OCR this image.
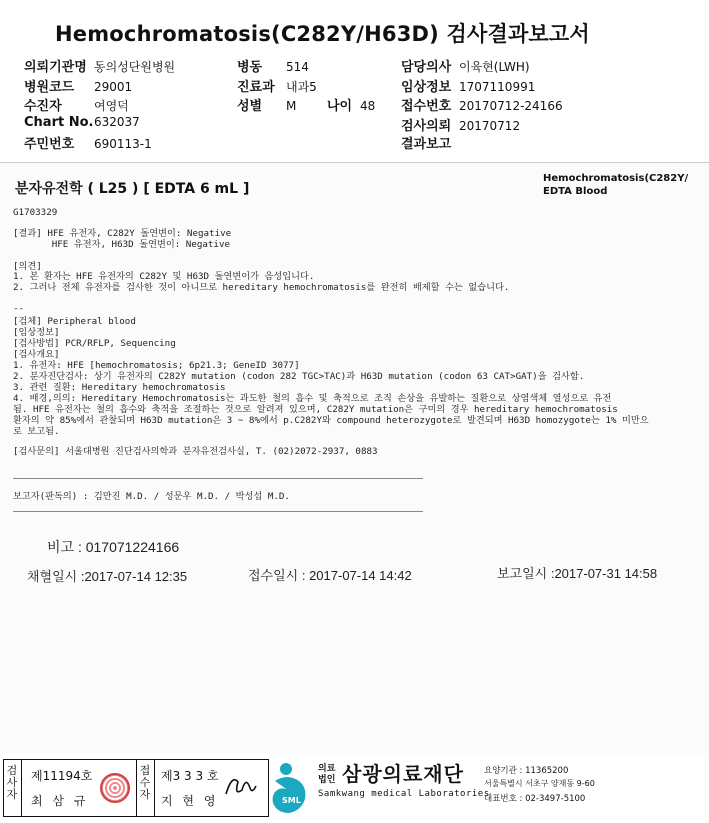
Hemochromatosis(C282Y/H63D) 검사결과보고서
의뢰기관명 동의성단원병원
병원코드 29001
수진자	여영덕
Chart No.632037
주민번호 690113-1
병동 514
진료과 내과5
성별 M 나이 48
담당의사 이육현(LWH)
임상정보 1707110991
접수번호 20170712-24166
검사의뢰 20170712
결과보고
분자유전학 ( L25 ) [ EDTA 6 mL ]
Hemochromatosis(C282Y/
EDTA Blood
G1703329
[결과] HFE 유전자, C282Y 돌연변이: Negative
HFE 유전자, H63D 돌연변이: Negative
[의견]
1. 본 환자는 HFE 유전자의 C282Y 및 H63D 돌연변이가 음성입니다.
2. 그러나 전체 유전자를 검사한 것이 아니므로 hereditary hemochromatosis를 완전히 배제할 수는 없습니다.
--
[검체] Peripheral blood
[임상정보]
[검사방법] PCR/RFLP, Sequencing
[검사개요]
1. 유전자: HFE [hemochromatosis; 6p21.3; GeneID 3077]
2. 분자진단검사: 상기 유전자의 C282Y mutation (codon 282 TGC>TAC)과 H63D mutation (codon 63 CAT>GAT)을 검사함.
3. 관련 질환: Hereditary hemochromatosis
4. 배경,의의: Hereditary Hemochromatosis는 과도한 철의 흡수 및 축적으로 조직 손상을 유발하는 질환으로 상염색체 열성으로 유전
됨. HFE 유전자는 철의 흡수와 축적을 조절하는 것으로 알려져 있으며, C282Y mutation은 구미의 경우 hereditary hemochromatosis
환자의 약 85%에서 관찰되며 H63D mutation은 3 ~ 8%에서 p.C282Y와 compound heterozygote로 발견되며 H63D homozygote는 1% 미만으
로 보고됨.
[검사문의] 서울대병원 진단검사의학과 분자유전검사실, T. (02)2072-2937, 0883
보고자(판독의) : 김만진 M.D. / 성문우 M.D. / 박성섭 M.D.
비고 : 017071224166
채혈일시 :2017-07-14 12:35	접수일시 : 2017-07-14 14:42	보고일시 :2017-07-31 14:58
검사자
제11194호
최 삼 규
접수자
제3 3 3 호
지 현 영	SML
의료
법인 삼광의료재단
Samkwang medical Laboratories
요양기관 : 11365200
서울특별시 서초구 양재동 9-60
대표번호 : 02-3497-5100
